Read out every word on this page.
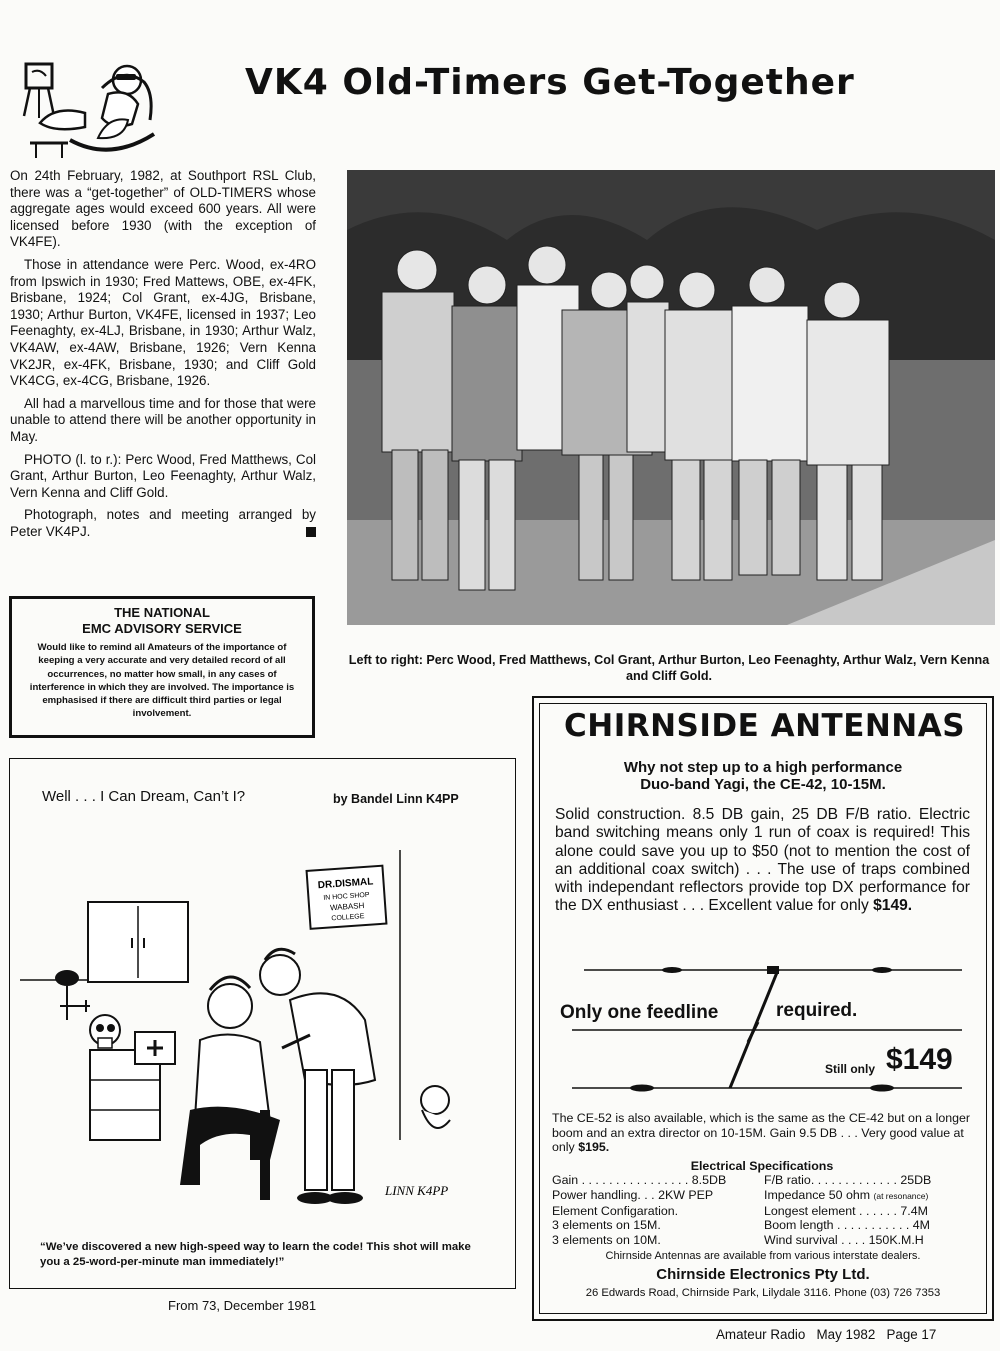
VK4 Old-Timers Get-Together

On 24th February, 1982, at Southport RSL Club, there was a “get-together” of OLD-TIMERS whose aggregate ages would exceed 600 years. All were licensed before 1930 (with the exception of VK4FE).

Those in attendance were Perc. Wood, ex-4RO from Ipswich in 1930; Fred Mattews, OBE, ex-4FK, Brisbane, 1924; Col Grant, ex-4JG, Brisbane, 1930; Arthur Burton, VK4FE, licensed in 1937; Leo Feenaghty, ex-4LJ, Brisbane, in 1930; Arthur Walz, VK4AW, ex-4AW, Brisbane, 1926; Vern Kenna VK2JR, ex-4FK, Brisbane, 1930; and Cliff Gold VK4CG, ex-4CG, Brisbane, 1926.

All had a marvellous time and for those that were unable to attend there will be another opportunity in May.

PHOTO (l. to r.): Perc Wood, Fred Matthews, Col Grant, Arthur Burton, Leo Feenaghty, Arthur Walz, Vern Kenna and Cliff Gold.

Photograph, notes and meeting arranged by Peter VK4PJ.

Left to right: Perc Wood, Fred Matthews, Col Grant, Arthur Burton, Leo Feenaghty, Arthur Walz, Vern Kenna and Cliff Gold.
THE NATIONAL
EMC ADVISORY SERVICE
Would like to remind all Amateurs of the importance of keeping a very accurate and very detailed record of all occurrences, no matter how small, in any cases of interference in which they are involved. The importance is emphasised if there are difficult third parties or legal involvement.
Well . . . I Can Dream, Can’t I?	by Bandel Linn K4PP
DR.DISMAL
IN HOC SHOP
WABASH
COLLEGE
LINN K4PP
“We’ve discovered a new high-speed way to learn the code! This shot will make you a 25-word-per-minute man immediately!”
From 73, December 1981
CHIRNSIDE ANTENNAS
Why not step up to a high performance
Duo-band Yagi, the CE-42, 10-15M.
Solid construction. 8.5 DB gain, 25 DB F/B ratio. Electric band switching means only 1 run of coax is required! This alone could save you up to $50 (not to mention the cost of an additional coax switch) . . . The use of traps combined with independant reflectors provide top DX performance for the DX enthusiast . . . Excellent value for only $149.
Only one feedline	required.
Still only $149
The CE-52 is also available, which is the same as the CE-42 but on a longer boom and an extra director on 10-15M. Gain 9.5 DB . . . Very good value at only $195.
Electrical Specifications
Gain . . . . . . . . . . . . . . . . 8.5DB	F/B ratio. . . . . . . . . . . . . 25DB
Power handling. . . 2KW PEP	Impedance 50 ohm (at resonance)
Element Configaration.	Longest element . . . . . . 7.4M
3 elements on 15M.	Boom length . . . . . . . . . . . 4M
3 elements on 10M.	Wind survival . . . . 150K.M.H
Chirnside Antennas are available from various interstate dealers.
Chirnside Electronics Pty Ltd.
26 Edwards Road, Chirnside Park, Lilydale 3116. Phone (03) 726 7353
Amateur Radio   May 1982   Page 17
